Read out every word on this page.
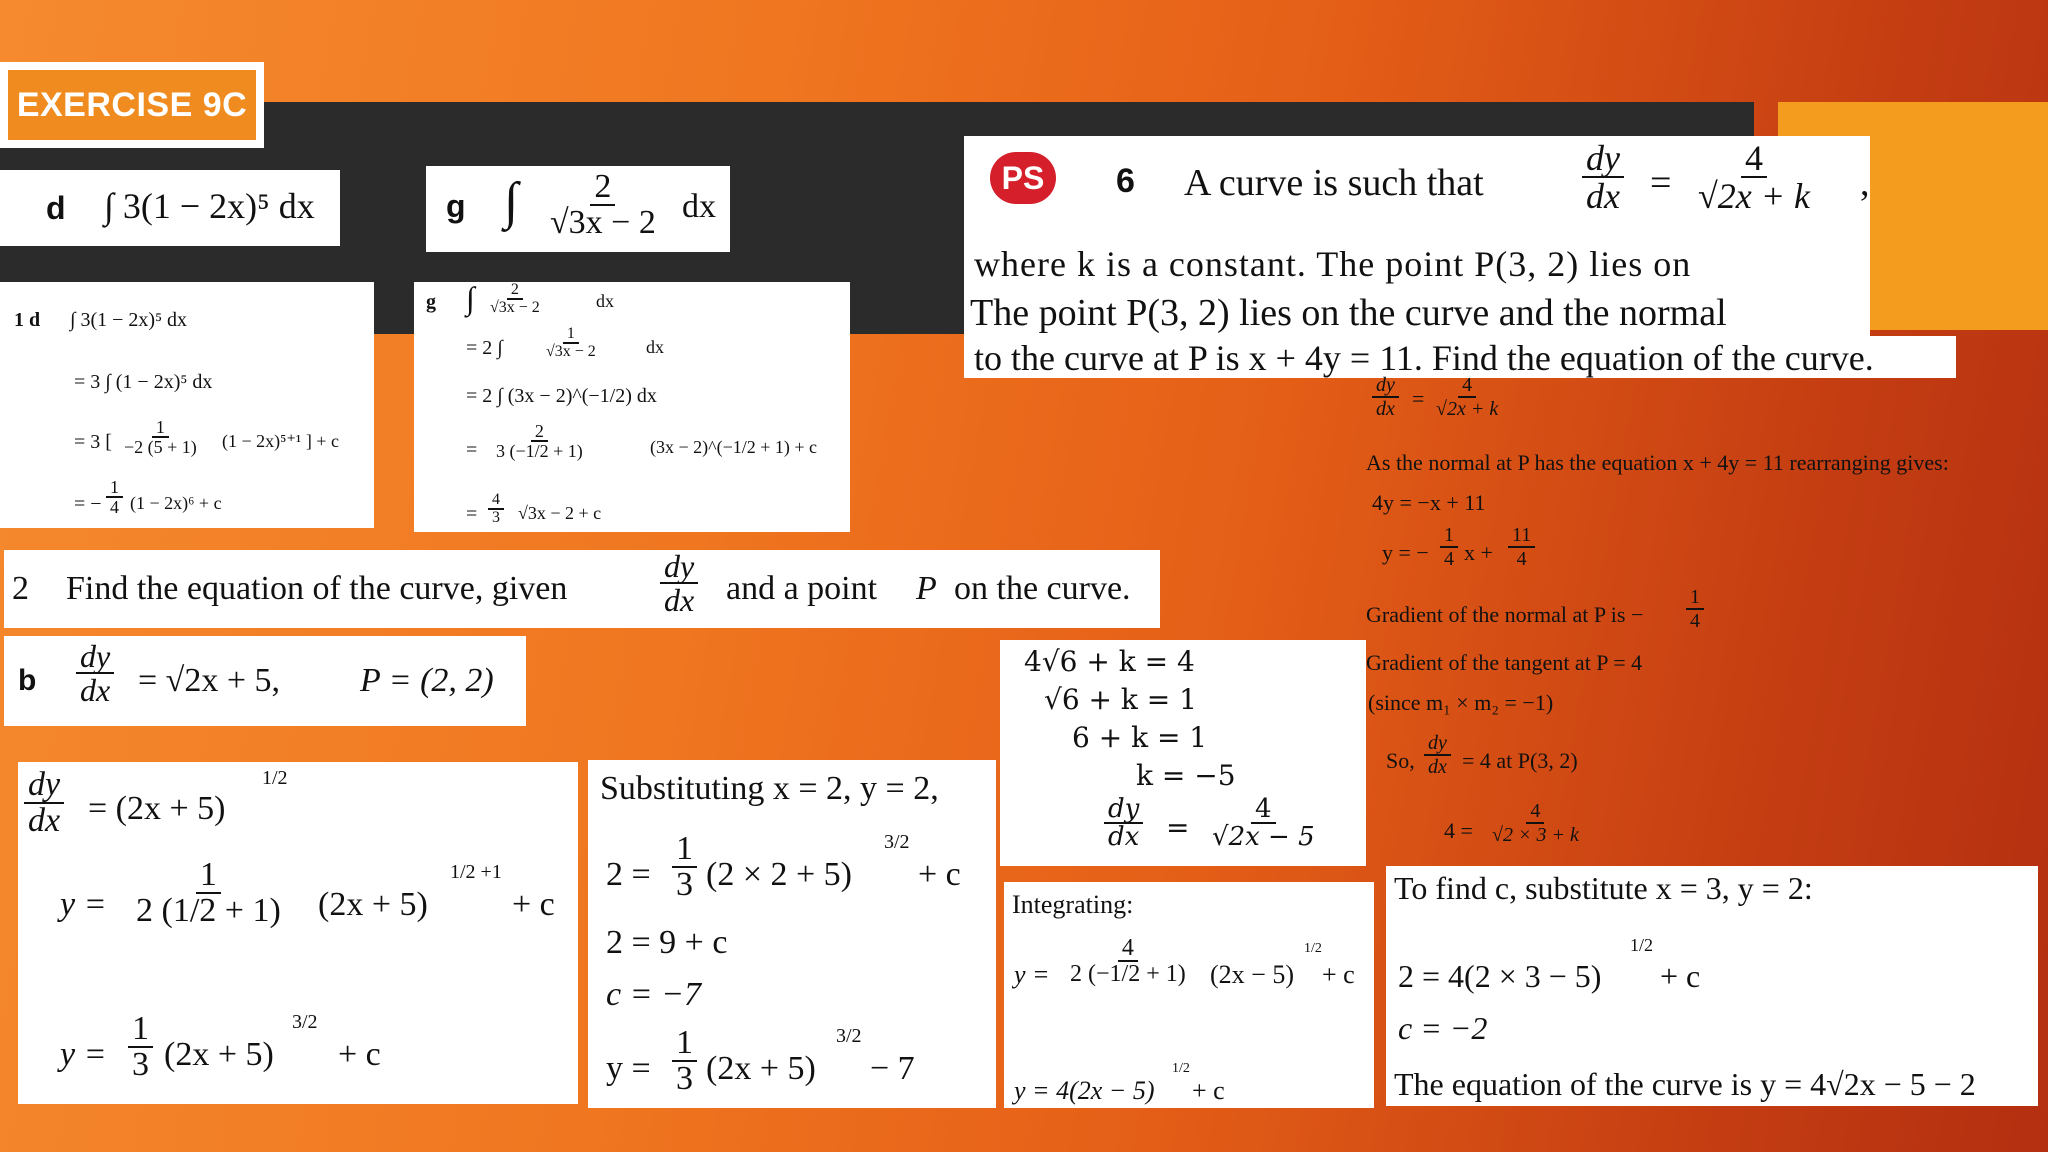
EXERCISE 9C
d ∫ 3(1 − 2x)⁵ dx	g ∫ $\frac{2}{√3x - 2}$ dx
1 d ∫ 3(1 − 2x)⁵ dx
= 3 ∫ (1 − 2x)⁵ dx
= 3 [ $\frac{1}{-2 (5 + 1)} (1 - 2x)^{5+1}$ ] + c
= − $\frac{1}{4} (1 - 2x)^6 + c$
g ∫ $\frac{2}{√3x - 2}$	dx
= 2 ∫ $\frac{1}{√3x - 2}$	dx
= 2 ∫ (3x − 2)^(−1/2) dx
= $\frac{2}{3 (-1/2 + 1)}$	(3x − 2)^(−1/2 + 1) + c
= $\frac{4}{3} √3x - 2 + c$
2 Find the equation of the curve, given	$\frac{dy}{dx}$ and a point P on the curve.
b $\frac{dy}{dx} = √2x + 5$, P = (2, 2)
$\frac{dy}{dx} = (2x + 5)$
1/2
$y = \frac{1}{2 (1/2 + 1)} (2x + 5)$
1/2 +1
+ c
$y = \frac{1}{3} (2x + 5)$
3/2
+ c
Substituting x = 2, y = 2,
$2 = \frac{1}{3} (2 \times 2 + 5)$
3/2
+ c
2 = 9 + c
c = −7
$y = \frac{1}{3} (2x + 5)$
3/2
− 7
6 A curve is such that	$\frac{dy}{dx} = \frac{4}{√2x + k}$ ,
where k is a constant. The point P(3, 2) lies on
The point P(3, 2) lies on the curve and the normal
PS
to the curve at P is x + 4y = 11. Find the equation of the curve.
$\frac{dy}{dx} = \frac{4}{√2x + k}$
As the normal at P has the equation x + 4y = 11 rearranging gives:
4y = −x + 11
y = − $\frac{1}{4}$ $x + \frac{11}{4}$
Gradient of the normal at P is − $\frac{1}{4}$
Gradient of the tangent at P = 4
(since m₁ × m₂ = −1)
So, $\frac{dy}{dx} = 4$ at P(3, 2)
$4 = \frac{4}{√2 \times 3 + k}$
4√6 + k = 4
√6 + k = 1
6 + k = 1
k = −5
$\frac{dy}{dx} = \frac{4}{√2x - 5}$
Integrating:
$y = \frac{4}{2 (-1/2 + 1)} (2x - 5)$
1/2
+ c
y = 4(2x − 5)
1/2
+ c
To find c, substitute x = 3, y = 2:
2 = 4(2 × 3 − 5)
1/2
+ c
c = −2
The equation of the curve is y = 4√2x − 5 − 2
